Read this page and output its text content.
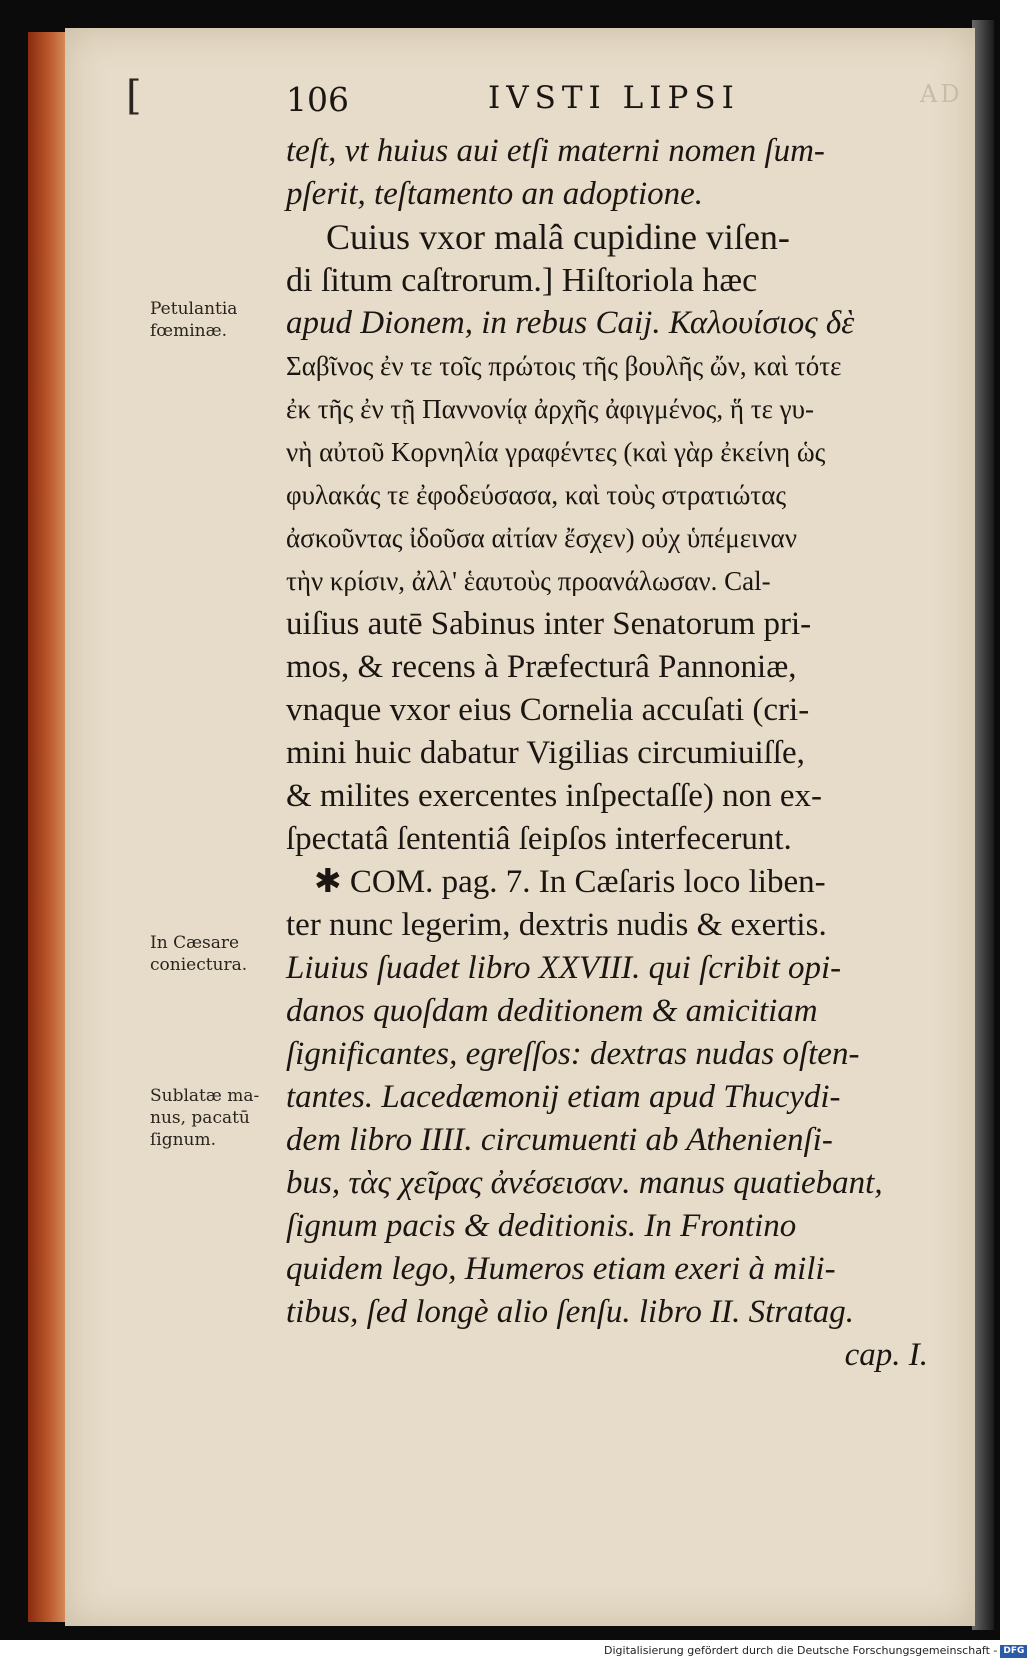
[	106	IVSTI LIPSI	AD
Petulantia
fœminæ.
In Cæsare
coniectura.
Sublatæ ma-
nus, pacatū
ſignum.
teſt, vt huius aui etſi materni nomen ſum-
pſerit, teſtamento an adoptione.
Cuius vxor malâ cupidine viſen-
di ſitum caſtrorum.] Hiſtoriola hæc
apud Dionem, in rebus Caij. Καλουίσιος δὲ
Σαβῖνος ἐν τε τοῖς πρώτοις τῆς βουλῆς ὤν, καὶ τότε
ἐκ τῆς ἐν τῇ Παννονίᾳ ἀρχῆς ἀφιγμένος, ἥ τε γυ-
νὴ αὐτοῦ Κορνηλία γραφέντες (καὶ γὰρ ἐκείνη ὡς
φυλακάς τε ἐφοδεύσασα, καὶ τοὺς στρατιώτας
ἀσκοῦντας ἰδοῦσα αἰτίαν ἔσχεν) οὐχ ὑπέμειναν
τὴν κρίσιν, ἀλλ' ἑαυτοὺς προανάλωσαν. Cal-
uiſius autē Sabinus inter Senatorum pri-
mos, & recens à Præfecturâ Pannoniæ,
vnaque vxor eius Cornelia accuſati (cri-
mini huic dabatur Vigilias circumiuiſſe,
& milites exercentes inſpectaſſe) non ex-
ſpectatâ ſententiâ ſeipſos interfecerunt.
✱ COM. pag. 7. In Cæſaris loco liben-
ter nunc legerim, dextris nudis & exertis.
Liuius ſuadet libro XXVIII. qui ſcribit opi-
danos quoſdam deditionem & amicitiam
ſignificantes, egreſſos: dextras nudas oſten-
tantes. Lacedæmonij etiam apud Thucydi-
dem libro IIII. circumuenti ab Athenienſi-
bus, τὰς χεῖρας ἀνέσεισαν. manus quatiebant,
ſignum pacis & deditionis. In Frontino
quidem lego, Humeros etiam exeri à mili-
tibus, ſed longè alio ſenſu. libro II. Stratag.
cap. I.
Digitalisierung gefördert durch die Deutsche Forschungsgemeinschaft - DFG
